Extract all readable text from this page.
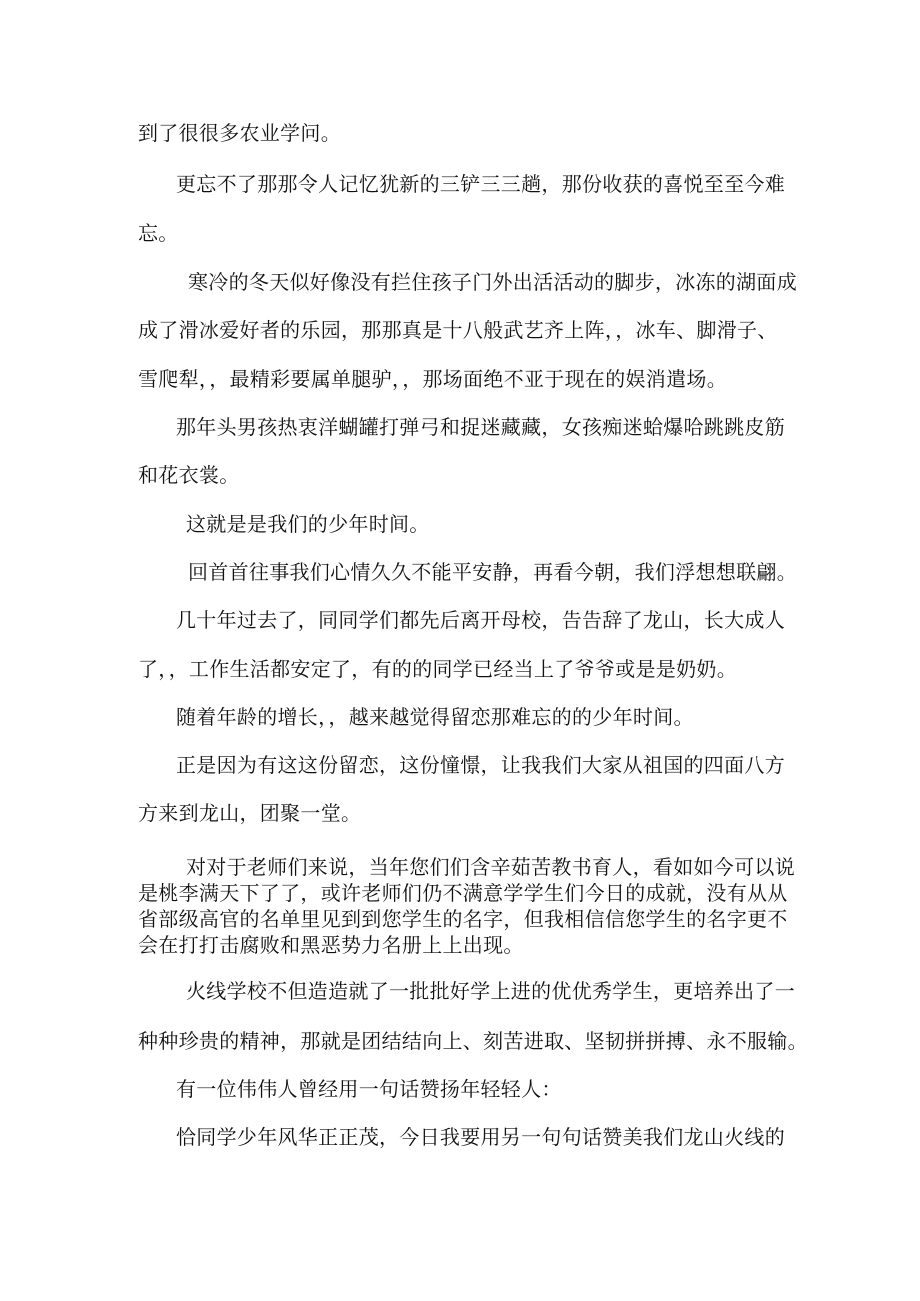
到了很很多农业学问。
更忘不了那那令人记忆犹新的三铲三三趟，那份收获的喜悦至至今难
忘。
寒冷的冬天似好像没有拦住孩子门外出活活动的脚步，冰冻的湖面成
成了滑冰爱好者的乐园，那那真是十八般武艺齐上阵，，冰车、脚滑子、
雪爬犁，，最精彩要属单腿驴，，那场面绝不亚于现在的娱消遣场。
那年头男孩热衷洋蝴罐打弹弓和捉迷藏藏，女孩痴迷蛤爆哈跳跳皮筋
和花衣裳。
这就是是我们的少年时间。
回首首往事我们心情久久不能平安静，再看今朝，我们浮想想联翩。
几十年过去了，同同学们都先后离开母校，告告辞了龙山，长大成人
了，，工作生活都安定了，有的的同学已经当上了爷爷或是是奶奶。
随着年龄的增长，，越来越觉得留恋那难忘的的少年时间。
正是因为有这这份留恋，这份憧憬，让我我们大家从祖国的四面八方
方来到龙山，团聚一堂。
对对于老师们来说，当年您们们含辛茹苦教书育人，看如如今可以说
是桃李满天下了了，或许老师们仍不满意学学生们今日的成就，没有从从
省部级高官的名单里见到到您学生的名字，但我相信信您学生的名字更不
会在打打击腐败和黑恶势力名册上上出现。
火线学校不但造造就了一批批好学上进的优优秀学生，更培养出了一
种种珍贵的精神，那就是团结结向上、刻苦进取、坚韧拼拼搏、永不服输。
有一位伟伟人曾经用一句话赞扬年轻轻人：
恰同学少年风华正正茂，今日我要用另一句句话赞美我们龙山火线的
